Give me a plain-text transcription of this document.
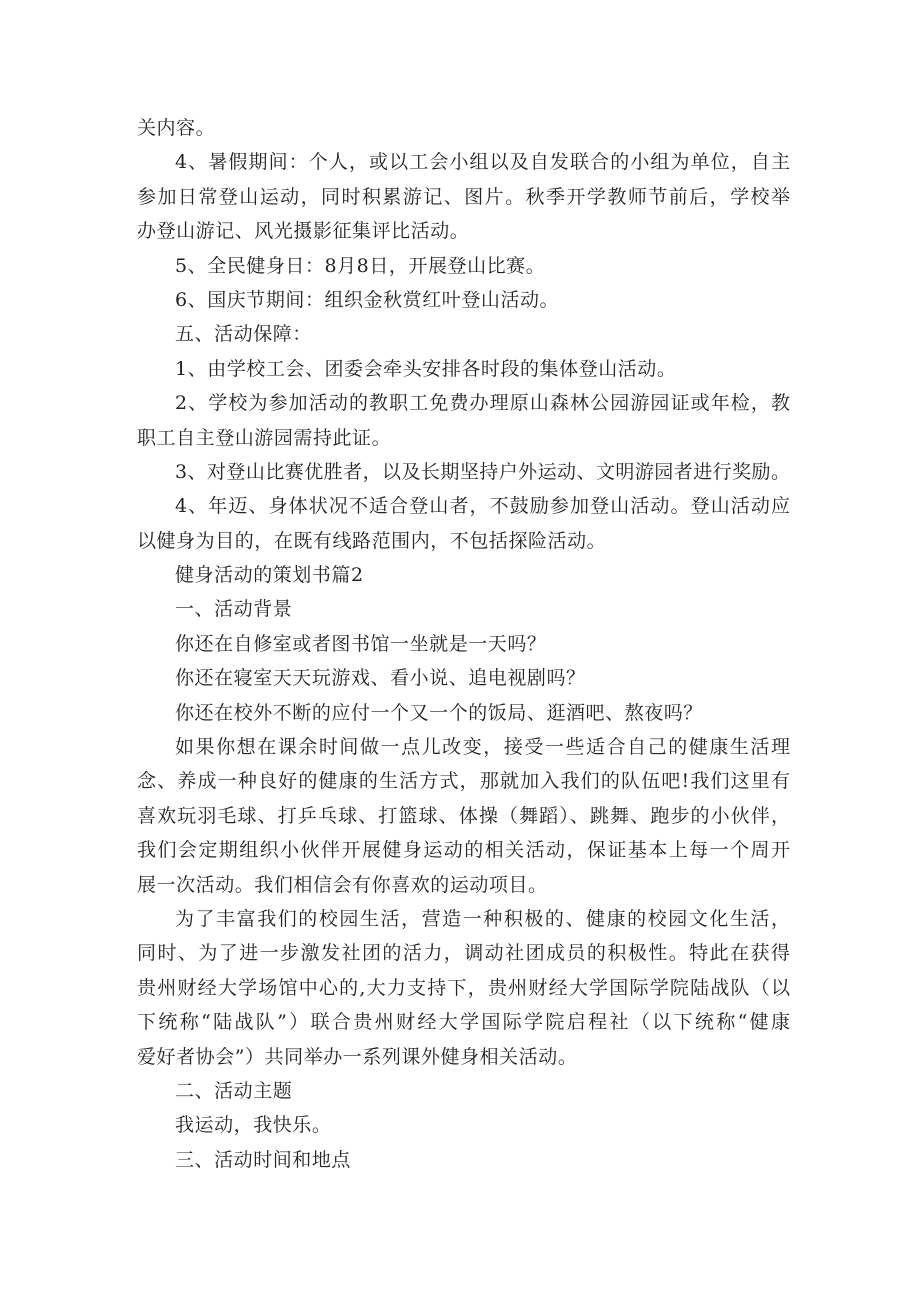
关内容。
4、暑假期间：个人，或以工会小组以及自发联合的小组为单位，自主
参加日常登山运动，同时积累游记、图片。秋季开学教师节前后，学校举
办登山游记、风光摄影征集评比活动。
5、全民健身日：8月8日，开展登山比赛。
6、国庆节期间：组织金秋赏红叶登山活动。
五、活动保障：
1、由学校工会、团委会牵头安排各时段的集体登山活动。
2、学校为参加活动的教职工免费办理原山森林公园游园证或年检，教
职工自主登山游园需持此证。
3、对登山比赛优胜者，以及长期坚持户外运动、文明游园者进行奖励。
4、年迈、身体状况不适合登山者，不鼓励参加登山活动。登山活动应
以健身为目的，在既有线路范围内，不包括探险活动。
健身活动的策划书篇2
一、活动背景
你还在自修室或者图书馆一坐就是一天吗？
你还在寝室天天玩游戏、看小说、追电视剧吗？
你还在校外不断的应付一个又一个的饭局、逛酒吧、熬夜吗？
如果你想在课余时间做一点儿改变，接受一些适合自己的健康生活理
念、养成一种良好的健康的生活方式，那就加入我们的队伍吧!我们这里有
喜欢玩羽毛球、打乒乓球、打篮球、体操（舞蹈）、跳舞、跑步的小伙伴，
我们会定期组织小伙伴开展健身运动的相关活动，保证基本上每一个周开
展一次活动。我们相信会有你喜欢的运动项目。
为了丰富我们的校园生活，营造一种积极的、健康的校园文化生活，
同时、为了进一步激发社团的活力，调动社团成员的积极性。特此在获得
贵州财经大学场馆中心的,大力支持下，贵州财经大学国际学院陆战队（以
下统称“陆战队”）联合贵州财经大学国际学院启程社（以下统称“健康
爱好者协会”）共同举办一系列课外健身相关活动。
二、活动主题
我运动，我快乐。
三、活动时间和地点
